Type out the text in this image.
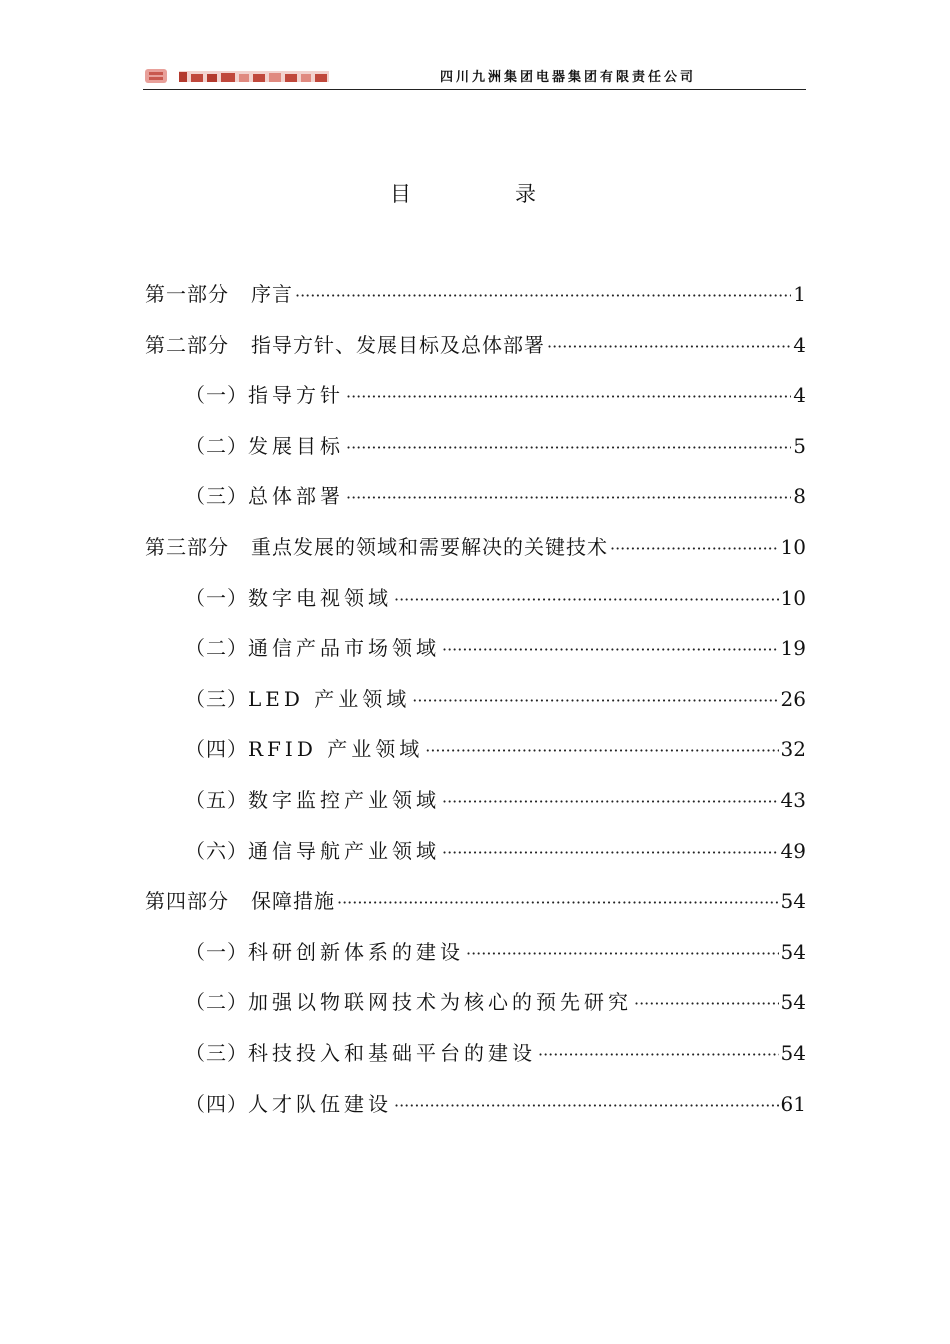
四川九洲集团电器集团有限责任公司
目录
第一部分 序言 ·····	1
第二部分 指导方针、发展目标及总体部署 ·····	4
（一） 指导方针 ·····	4
（二） 发展目标 ·····	5
（三） 总体部署 ·····	8
第三部分 重点发展的领域和需要解决的关键技术 ·····	10
（一） 数字电视领域 ·····	10
（二） 通信产品市场领域 ·····	19
（三） LED 产业领域 ·····	26
（四） RFID 产业领域 ·····	32
（五） 数字监控产业领域 ·····	43
（六） 通信导航产业领域 ·····	49
第四部分 保障措施 ·····	54
（一） 科研创新体系的建设 ·····	54
（二） 加强以物联网技术为核心的预先研究 ·····	54
（三） 科技投入和基础平台的建设 ·····	54
（四） 人才队伍建设 ·····	61
